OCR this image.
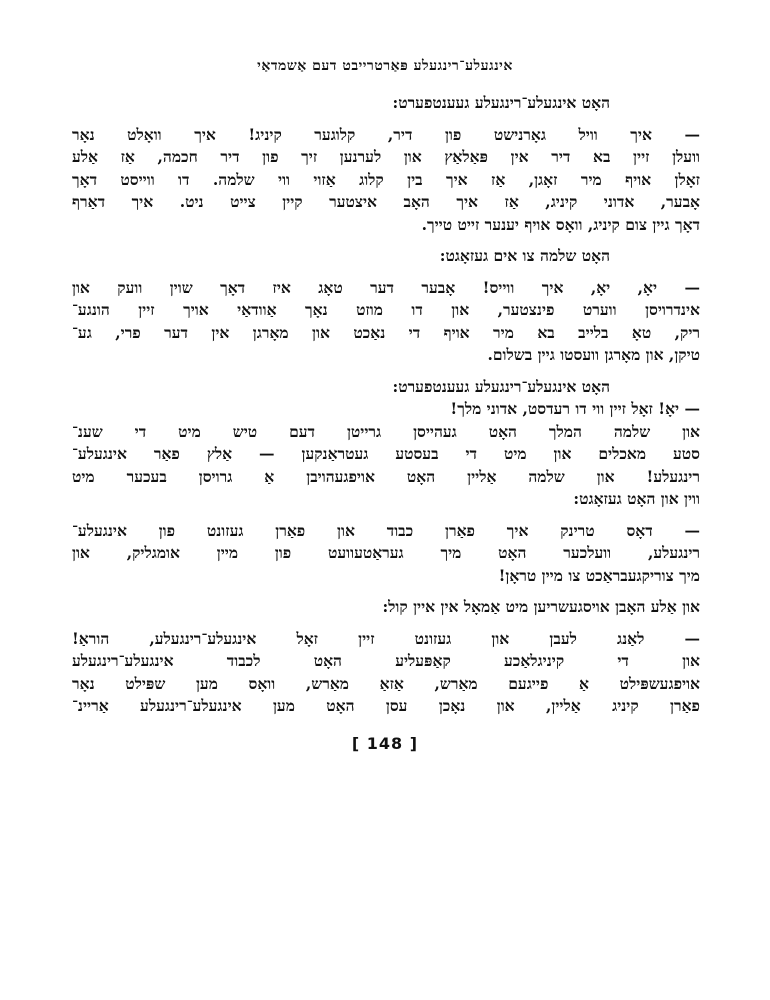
אינגעלע־רינגעלע פּאַרטרייבט דעם אַשמדאַי
האָט אינגעלע־רינגעלע געענטפערט:
— איך וויל גאָרנישט פון דיר, קלוגער קיניג! איך וואָלט נאָר
וועלן זיין בא דיר אין פּאַלאַץ און לערנען זיך פון דיר חכמה, אַז אַלע
זאָלן אויף מיר זאָגן, אַז איך בין קלוג אַזוי ווי שלמה. דו ווייסט דאָך
אָבער, אדוני קיניג, אַז איך האָב איצטער קיין צייט ניט. איך דאַרף
דאָך גיין צום קיניג, וואָס אויף יענער זייט טייך.
האָט שלמה צו אים געזאָגט:
— יאָ, יאָ, איך ווייס! אָבער דער טאָג איז דאָך שוין וועק און
אינדרויסן ווערט פינצטער, און דו מוזט נאָך אַוודאַי אויך זיין הונגע־
ריק, טאָ בלייב בא מיר אויף די נאַכט און מאָרגן אין דער פרי, גע־
טיקן, און מאָרגן וועסטו גיין בשלום.
האָט אינגעלע־רינגעלע געענטפערט:
— יאָ! זאָל זיין ווי דו רעדסט, אדוני מלך!
און שלמה המלך האָט געהייסן גרייטן דעם טיש מיט די שענ־
סטע מאכלים און מיט די בעסטע געטראַנקען — אַלץ פאַר אינגעלע־
רינגעלע! און שלמה אַליין האָט אויפגעהויבן אַ גרויסן בעכער מיט
ווין און האָט געזאָגט:
— דאָס טרינק איך פאַרן כבוד און פאַרן געזונט פון אינגעלע־
רינגעלע, וועלכער האָט מיך געראַטעוועט פון מיין אומגליק, און
מיך צוריקגעבראַכט צו מיין טראָן!
און אַלע האָבן אויסגעשריען מיט אַמאָל אין איין קול:
— לאַנג לעבן און געזונט זיין זאָל אינגעלע־רינגעלע, הוראַ!
און די קיניגלאַכע קאַפּעליע האָט לכבוד אינגעלע־רינגעלע
אויפגעשפּילט אַ פייגעם מאַרש, אַזאַ מאַרש, וואָס מען שפּילט נאָר
פאַרן קיניג אַליין, און נאָכן עסן האָט מען אינגעלע־רינגעלע אַריינ־
[ 148 ]
